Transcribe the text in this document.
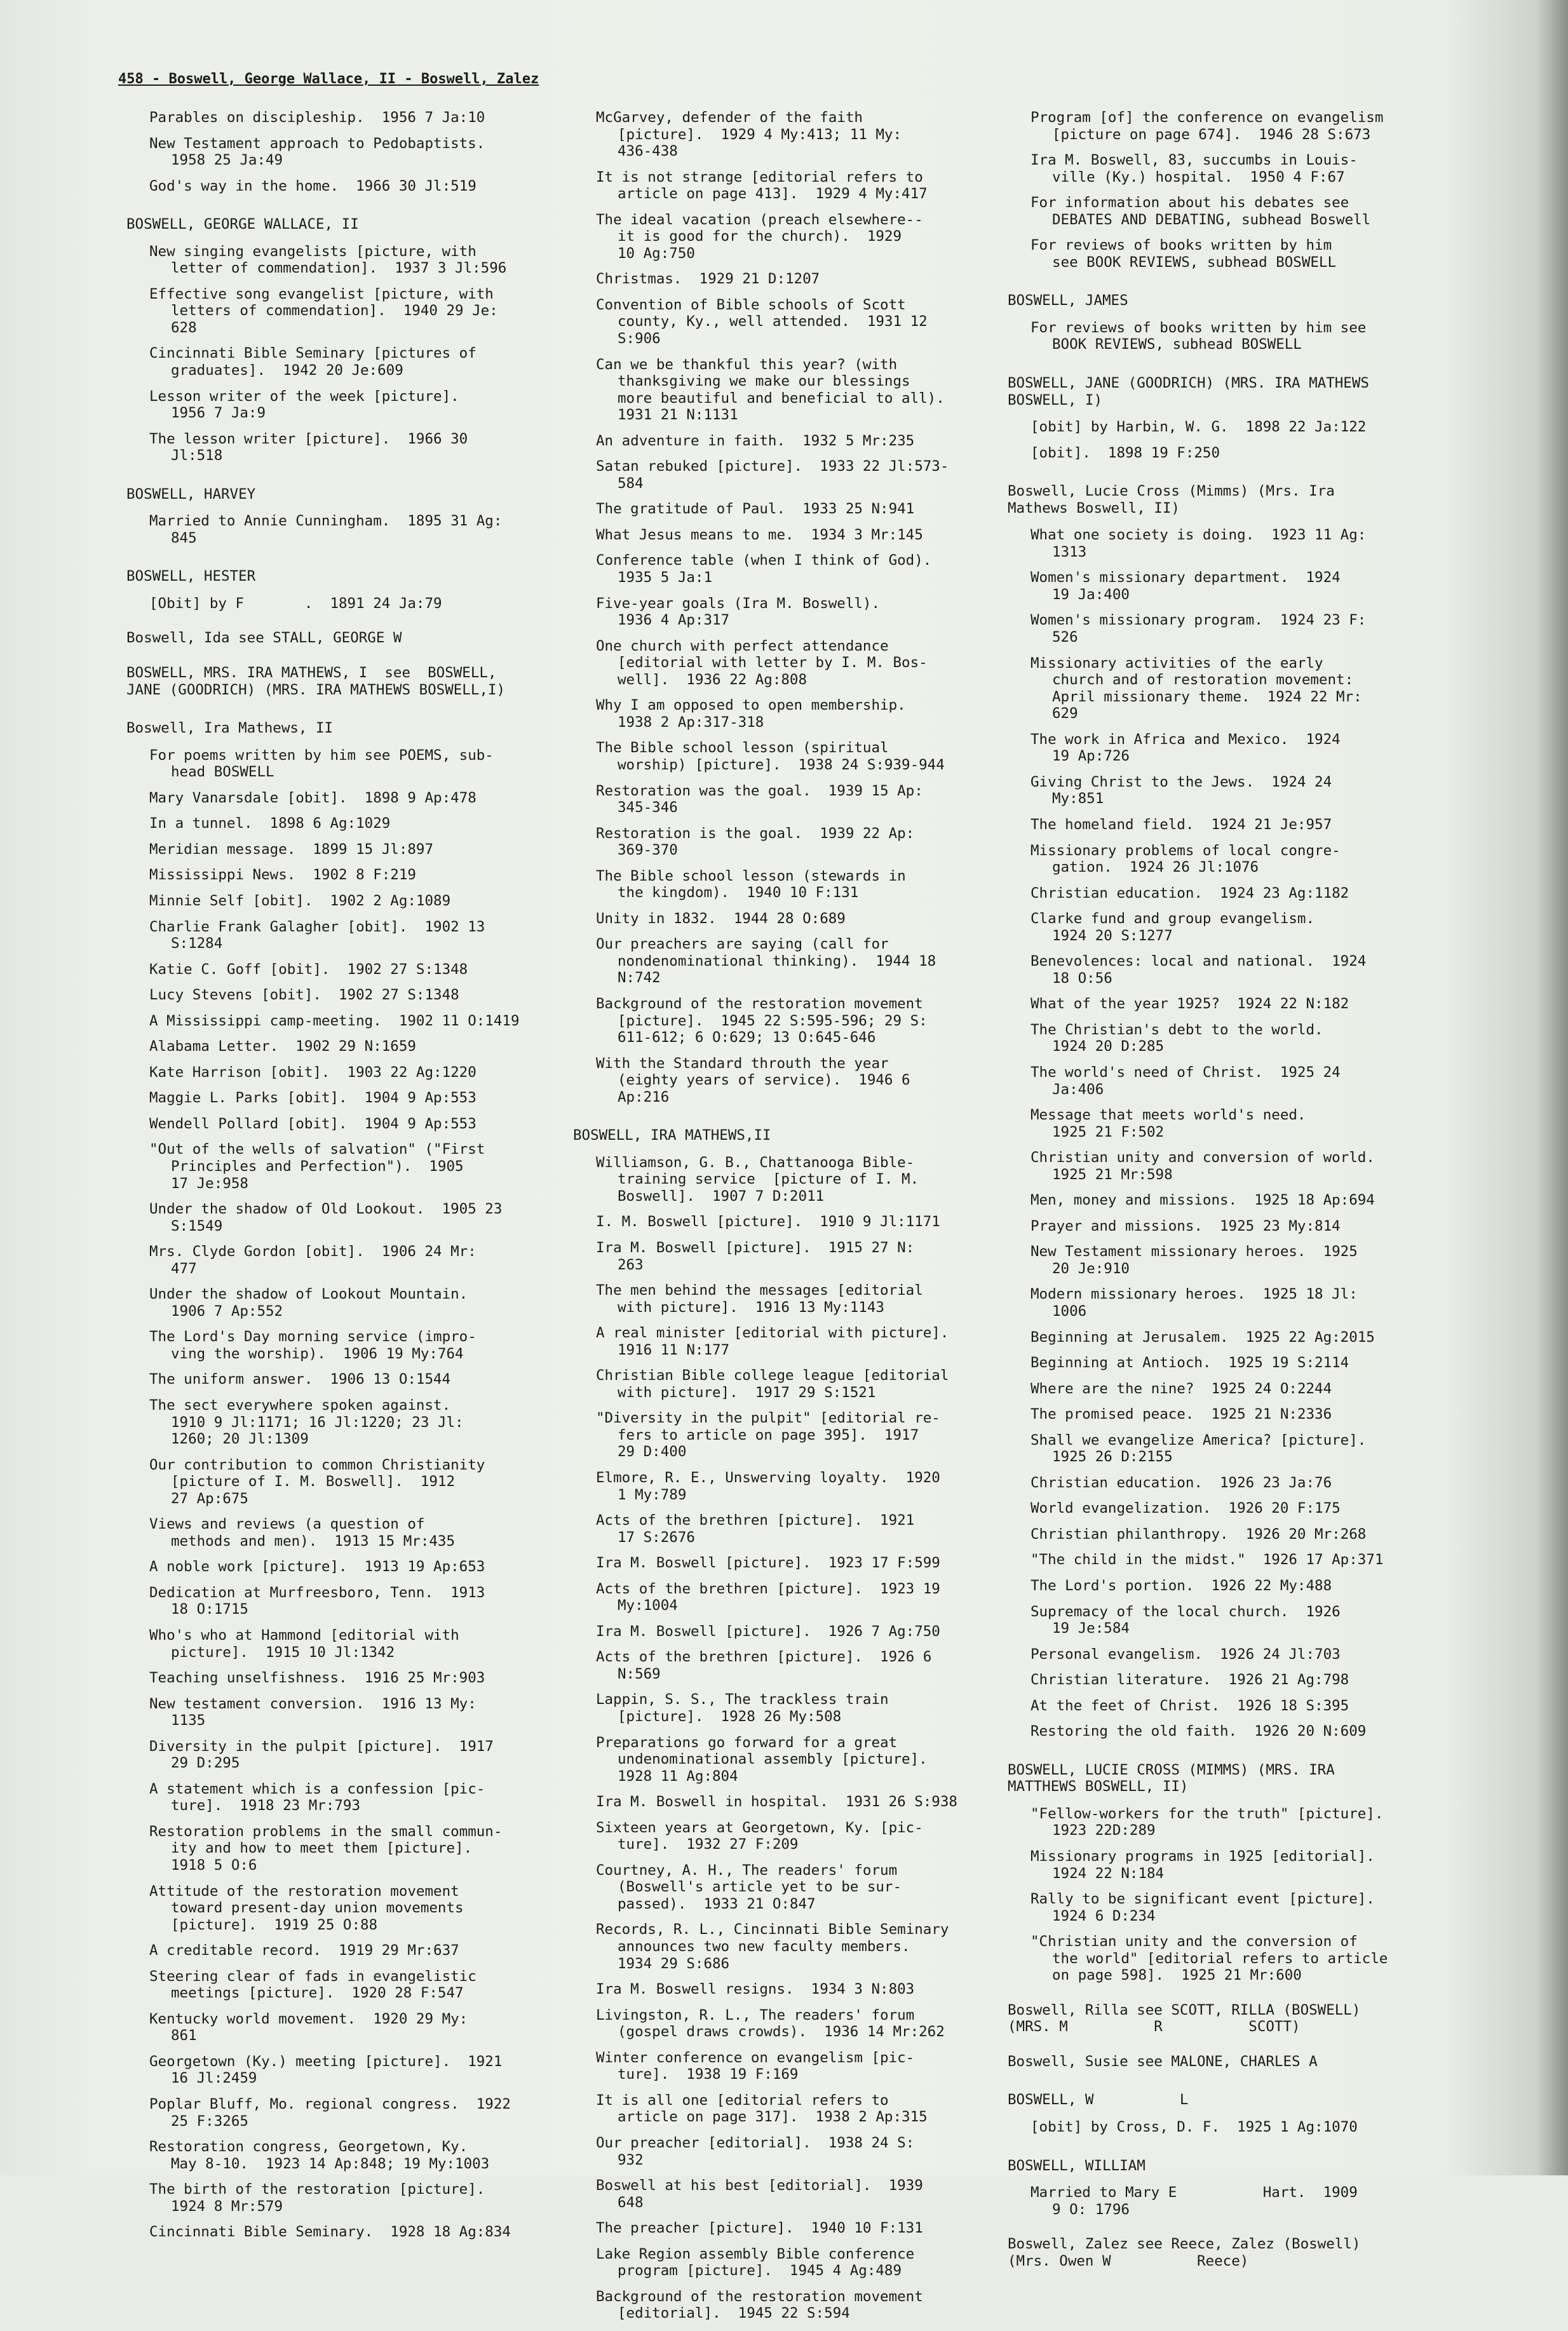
458 - Boswell, George Wallace, II - Boswell, Zalez
Parables on discipleship.  1956 7 Ja:10
New Testament approach to Pedobaptists.
1958 25 Ja:49
God's way in the home.  1966 30 Jl:519
BOSWELL, GEORGE WALLACE, II
New singing evangelists [picture, with
letter of commendation].  1937 3 Jl:596
Effective song evangelist [picture, with
letters of commendation].  1940 29 Je:
628
Cincinnati Bible Seminary [pictures of
graduates].  1942 20 Je:609
Lesson writer of the week [picture].
1956 7 Ja:9
The lesson writer [picture].  1966 30
Jl:518
BOSWELL, HARVEY
Married to Annie Cunningham.  1895 31 Ag:
845
BOSWELL, HESTER
[Obit] by F       .  1891 24 Ja:79
Boswell, Ida see STALL, GEORGE W
BOSWELL, MRS. IRA MATHEWS, I  see  BOSWELL,
JANE (GOODRICH) (MRS. IRA MATHEWS BOSWELL,I)
Boswell, Ira Mathews, II
For poems written by him see POEMS, sub-
head BOSWELL
Mary Vanarsdale [obit].  1898 9 Ap:478
In a tunnel.  1898 6 Ag:1029
Meridian message.  1899 15 Jl:897
Mississippi News.  1902 8 F:219
Minnie Self [obit].  1902 2 Ag:1089
Charlie Frank Galagher [obit].  1902 13
S:1284
Katie C. Goff [obit].  1902 27 S:1348
Lucy Stevens [obit].  1902 27 S:1348
A Mississippi camp-meeting.  1902 11 O:1419
Alabama Letter.  1902 29 N:1659
Kate Harrison [obit].  1903 22 Ag:1220
Maggie L. Parks [obit].  1904 9 Ap:553
Wendell Pollard [obit].  1904 9 Ap:553
"Out of the wells of salvation" ("First
Principles and Perfection").  1905
17 Je:958
Under the shadow of Old Lookout.  1905 23
S:1549
Mrs. Clyde Gordon [obit].  1906 24 Mr:
477
Under the shadow of Lookout Mountain.
1906 7 Ap:552
The Lord's Day morning service (impro-
ving the worship).  1906 19 My:764
The uniform answer.  1906 13 O:1544
The sect everywhere spoken against.
1910 9 Jl:1171; 16 Jl:1220; 23 Jl:
1260; 20 Jl:1309
Our contribution to common Christianity
[picture of I. M. Boswell].  1912
27 Ap:675
Views and reviews (a question of
methods and men).  1913 15 Mr:435
A noble work [picture].  1913 19 Ap:653
Dedication at Murfreesboro, Tenn.  1913
18 O:1715
Who's who at Hammond [editorial with
picture].  1915 10 Jl:1342
Teaching unselfishness.  1916 25 Mr:903
New testament conversion.  1916 13 My:
1135
Diversity in the pulpit [picture].  1917
29 D:295
A statement which is a confession [pic-
ture].  1918 23 Mr:793
Restoration problems in the small commun-
ity and how to meet them [picture].
1918 5 O:6
Attitude of the restoration movement
toward present-day union movements
[picture].  1919 25 O:88
A creditable record.  1919 29 Mr:637
Steering clear of fads in evangelistic
meetings [picture].  1920 28 F:547
Kentucky world movement.  1920 29 My:
861
Georgetown (Ky.) meeting [picture].  1921
16 Jl:2459
Poplar Bluff, Mo. regional congress.  1922
25 F:3265
Restoration congress, Georgetown, Ky.
May 8-10.  1923 14 Ap:848; 19 My:1003
The birth of the restoration [picture].
1924 8 Mr:579
Cincinnati Bible Seminary.  1928 18 Ag:834
McGarvey, defender of the faith
[picture].  1929 4 My:413; 11 My:
436-438
It is not strange [editorial refers to
article on page 413].  1929 4 My:417
The ideal vacation (preach elsewhere--
it is good for the church).  1929
10 Ag:750
Christmas.  1929 21 D:1207
Convention of Bible schools of Scott
county, Ky., well attended.  1931 12
S:906
Can we be thankful this year? (with
thanksgiving we make our blessings
more beautiful and beneficial to all).
1931 21 N:1131
An adventure in faith.  1932 5 Mr:235
Satan rebuked [picture].  1933 22 Jl:573-
584
The gratitude of Paul.  1933 25 N:941
What Jesus means to me.  1934 3 Mr:145
Conference table (when I think of God).
1935 5 Ja:1
Five-year goals (Ira M. Boswell).
1936 4 Ap:317
One church with perfect attendance
[editorial with letter by I. M. Bos-
well].  1936 22 Ag:808
Why I am opposed to open membership.
1938 2 Ap:317-318
The Bible school lesson (spiritual
worship) [picture].  1938 24 S:939-944
Restoration was the goal.  1939 15 Ap:
345-346
Restoration is the goal.  1939 22 Ap:
369-370
The Bible school lesson (stewards in
the kingdom).  1940 10 F:131
Unity in 1832.  1944 28 O:689
Our preachers are saying (call for
nondenominational thinking).  1944 18
N:742
Background of the restoration movement
[picture].  1945 22 S:595-596; 29 S:
611-612; 6 O:629; 13 O:645-646
With the Standard throuth the year
(eighty years of service).  1946 6
Ap:216
BOSWELL, IRA MATHEWS,II
Williamson, G. B., Chattanooga Bible-
training service  [picture of I. M.
Boswell].  1907 7 D:2011
I. M. Boswell [picture].  1910 9 Jl:1171
Ira M. Boswell [picture].  1915 27 N:
263
The men behind the messages [editorial
with picture].  1916 13 My:1143
A real minister [editorial with picture].
1916 11 N:177
Christian Bible college league [editorial
with picture].  1917 29 S:1521
"Diversity in the pulpit" [editorial re-
fers to article on page 395].  1917
29 D:400
Elmore, R. E., Unswerving loyalty.  1920
1 My:789
Acts of the brethren [picture].  1921
17 S:2676
Ira M. Boswell [picture].  1923 17 F:599
Acts of the brethren [picture].  1923 19
My:1004
Ira M. Boswell [picture].  1926 7 Ag:750
Acts of the brethren [picture].  1926 6
N:569
Lappin, S. S., The trackless train
[picture].  1928 26 My:508
Preparations go forward for a great
undenominational assembly [picture].
1928 11 Ag:804
Ira M. Boswell in hospital.  1931 26 S:938
Sixteen years at Georgetown, Ky. [pic-
ture].  1932 27 F:209
Courtney, A. H., The readers' forum
(Boswell's article yet to be sur-
passed).  1933 21 O:847
Records, R. L., Cincinnati Bible Seminary
announces two new faculty members.
1934 29 S:686
Ira M. Boswell resigns.  1934 3 N:803
Livingston, R. L., The readers' forum
(gospel draws crowds).  1936 14 Mr:262
Winter conference on evangelism [pic-
ture].  1938 19 F:169
It is all one [editorial refers to
article on page 317].  1938 2 Ap:315
Our preacher [editorial].  1938 24 S:
932
Boswell at his best [editorial].  1939
648
The preacher [picture].  1940 10 F:131
Lake Region assembly Bible conference
program [picture].  1945 4 Ag:489
Background of the restoration movement
[editorial].  1945 22 S:594
Program [of] the conference on evangelism
[picture on page 674].  1946 28 S:673
Ira M. Boswell, 83, succumbs in Louis-
ville (Ky.) hospital.  1950 4 F:67
For information about his debates see
DEBATES AND DEBATING, subhead Boswell
For reviews of books written by him
see BOOK REVIEWS, subhead BOSWELL
BOSWELL, JAMES
For reviews of books written by him see
BOOK REVIEWS, subhead BOSWELL
BOSWELL, JANE (GOODRICH) (MRS. IRA MATHEWS
BOSWELL, I)
[obit] by Harbin, W. G.  1898 22 Ja:122
[obit].  1898 19 F:250
Boswell, Lucie Cross (Mimms) (Mrs. Ira
Mathews Boswell, II)
What one society is doing.  1923 11 Ag:
1313
Women's missionary department.  1924
19 Ja:400
Women's missionary program.  1924 23 F:
526
Missionary activities of the early
church and of restoration movement:
April missionary theme.  1924 22 Mr:
629
The work in Africa and Mexico.  1924
19 Ap:726
Giving Christ to the Jews.  1924 24
My:851
The homeland field.  1924 21 Je:957
Missionary problems of local congre-
gation.  1924 26 Jl:1076
Christian education.  1924 23 Ag:1182
Clarke fund and group evangelism.
1924 20 S:1277
Benevolences: local and national.  1924
18 O:56
What of the year 1925?  1924 22 N:182
The Christian's debt to the world.
1924 20 D:285
The world's need of Christ.  1925 24
Ja:406
Message that meets world's need.
1925 21 F:502
Christian unity and conversion of world.
1925 21 Mr:598
Men, money and missions.  1925 18 Ap:694
Prayer and missions.  1925 23 My:814
New Testament missionary heroes.  1925
20 Je:910
Modern missionary heroes.  1925 18 Jl:
1006
Beginning at Jerusalem.  1925 22 Ag:2015
Beginning at Antioch.  1925 19 S:2114
Where are the nine?  1925 24 O:2244
The promised peace.  1925 21 N:2336
Shall we evangelize America? [picture].
1925 26 D:2155
Christian education.  1926 23 Ja:76
World evangelization.  1926 20 F:175
Christian philanthropy.  1926 20 Mr:268
"The child in the midst."  1926 17 Ap:371
The Lord's portion.  1926 22 My:488
Supremacy of the local church.  1926
19 Je:584
Personal evangelism.  1926 24 Jl:703
Christian literature.  1926 21 Ag:798
At the feet of Christ.  1926 18 S:395
Restoring the old faith.  1926 20 N:609
BOSWELL, LUCIE CROSS (MIMMS) (MRS. IRA
MATTHEWS BOSWELL, II)
"Fellow-workers for the truth" [picture].
1923 22D:289
Missionary programs in 1925 [editorial].
1924 22 N:184
Rally to be significant event [picture].
1924 6 D:234
"Christian unity and the conversion of
the world" [editorial refers to article
on page 598].  1925 21 Mr:600
Boswell, Rilla see SCOTT, RILLA (BOSWELL)
(MRS. M          R          SCOTT)
Boswell, Susie see MALONE, CHARLES A
BOSWELL, W          L
[obit] by Cross, D. F.  1925 1 Ag:1070
BOSWELL, WILLIAM
Married to Mary E          Hart.  1909
9 O: 1796
Boswell, Zalez see Reece, Zalez (Boswell)
(Mrs. Owen W          Reece)
